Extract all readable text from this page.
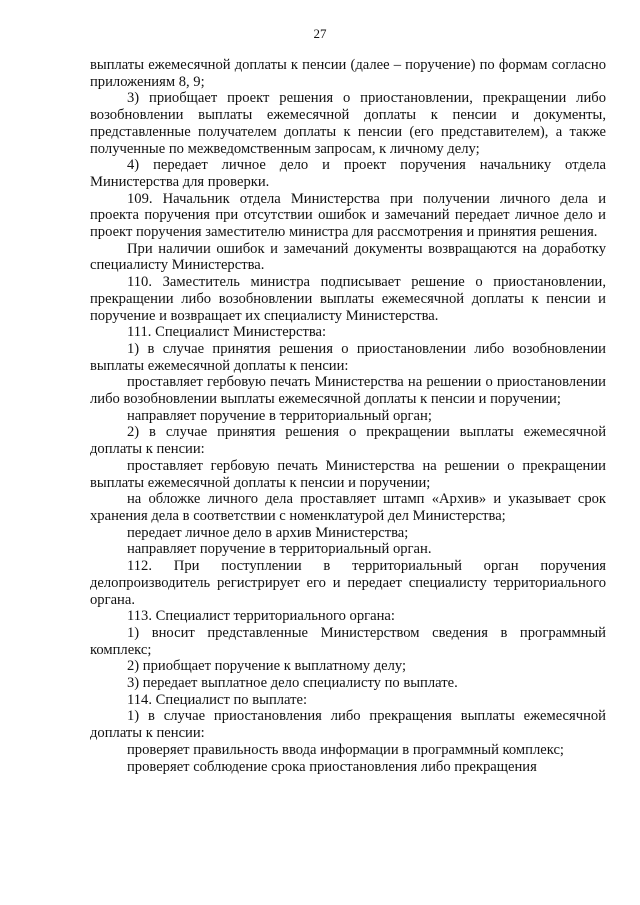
27

выплаты ежемесячной доплаты к пенсии (далее – поручение) по формам согласно приложениям 8, 9;

3) приобщает проект решения о приостановлении, прекращении либо возобновлении выплаты ежемесячной доплаты к пенсии и документы, представленные получателем доплаты к пенсии (его представителем), а также полученные по межведомственным запросам, к личному делу;

4) передает личное дело и проект поручения начальнику отдела Министерства для проверки.

109. Начальник отдела Министерства при получении личного дела и проекта поручения при отсутствии ошибок и замечаний передает личное дело и проект поручения заместителю министра для рассмотрения и принятия решения.

При наличии ошибок и замечаний документы возвращаются на доработку специалисту Министерства.

110. Заместитель министра подписывает решение о приостановлении, прекращении либо возобновлении выплаты ежемесячной доплаты к пенсии и поручение и возвращает их специалисту Министерства.

111. Специалист Министерства:

1) в случае принятия решения о приостановлении либо возобновлении выплаты ежемесячной доплаты к пенсии:

проставляет гербовую печать Министерства на решении о приостановлении либо возобновлении выплаты ежемесячной доплаты к пенсии и поручении;

направляет поручение в территориальный орган;

2) в случае принятия решения о прекращении выплаты ежемесячной доплаты к пенсии:

проставляет гербовую печать Министерства на решении о прекращении выплаты ежемесячной доплаты к пенсии и поручении;

на обложке личного дела проставляет штамп «Архив» и указывает срок хранения дела в соответствии с номенклатурой дел Министерства;

передает личное дело в архив Министерства;

направляет поручение в территориальный орган.

112. При поступлении в территориальный орган поручения делопроизводитель регистрирует его и передает специалисту территориального органа.

113. Специалист территориального органа:

1) вносит представленные Министерством сведения в программный комплекс;

2) приобщает поручение к выплатному делу;

3) передает выплатное дело специалисту по выплате.

114. Специалист по выплате:

1) в случае приостановления либо прекращения выплаты ежемесячной доплаты к пенсии:

проверяет правильность ввода информации в программный комплекс;

проверяет соблюдение срока приостановления либо прекращения
